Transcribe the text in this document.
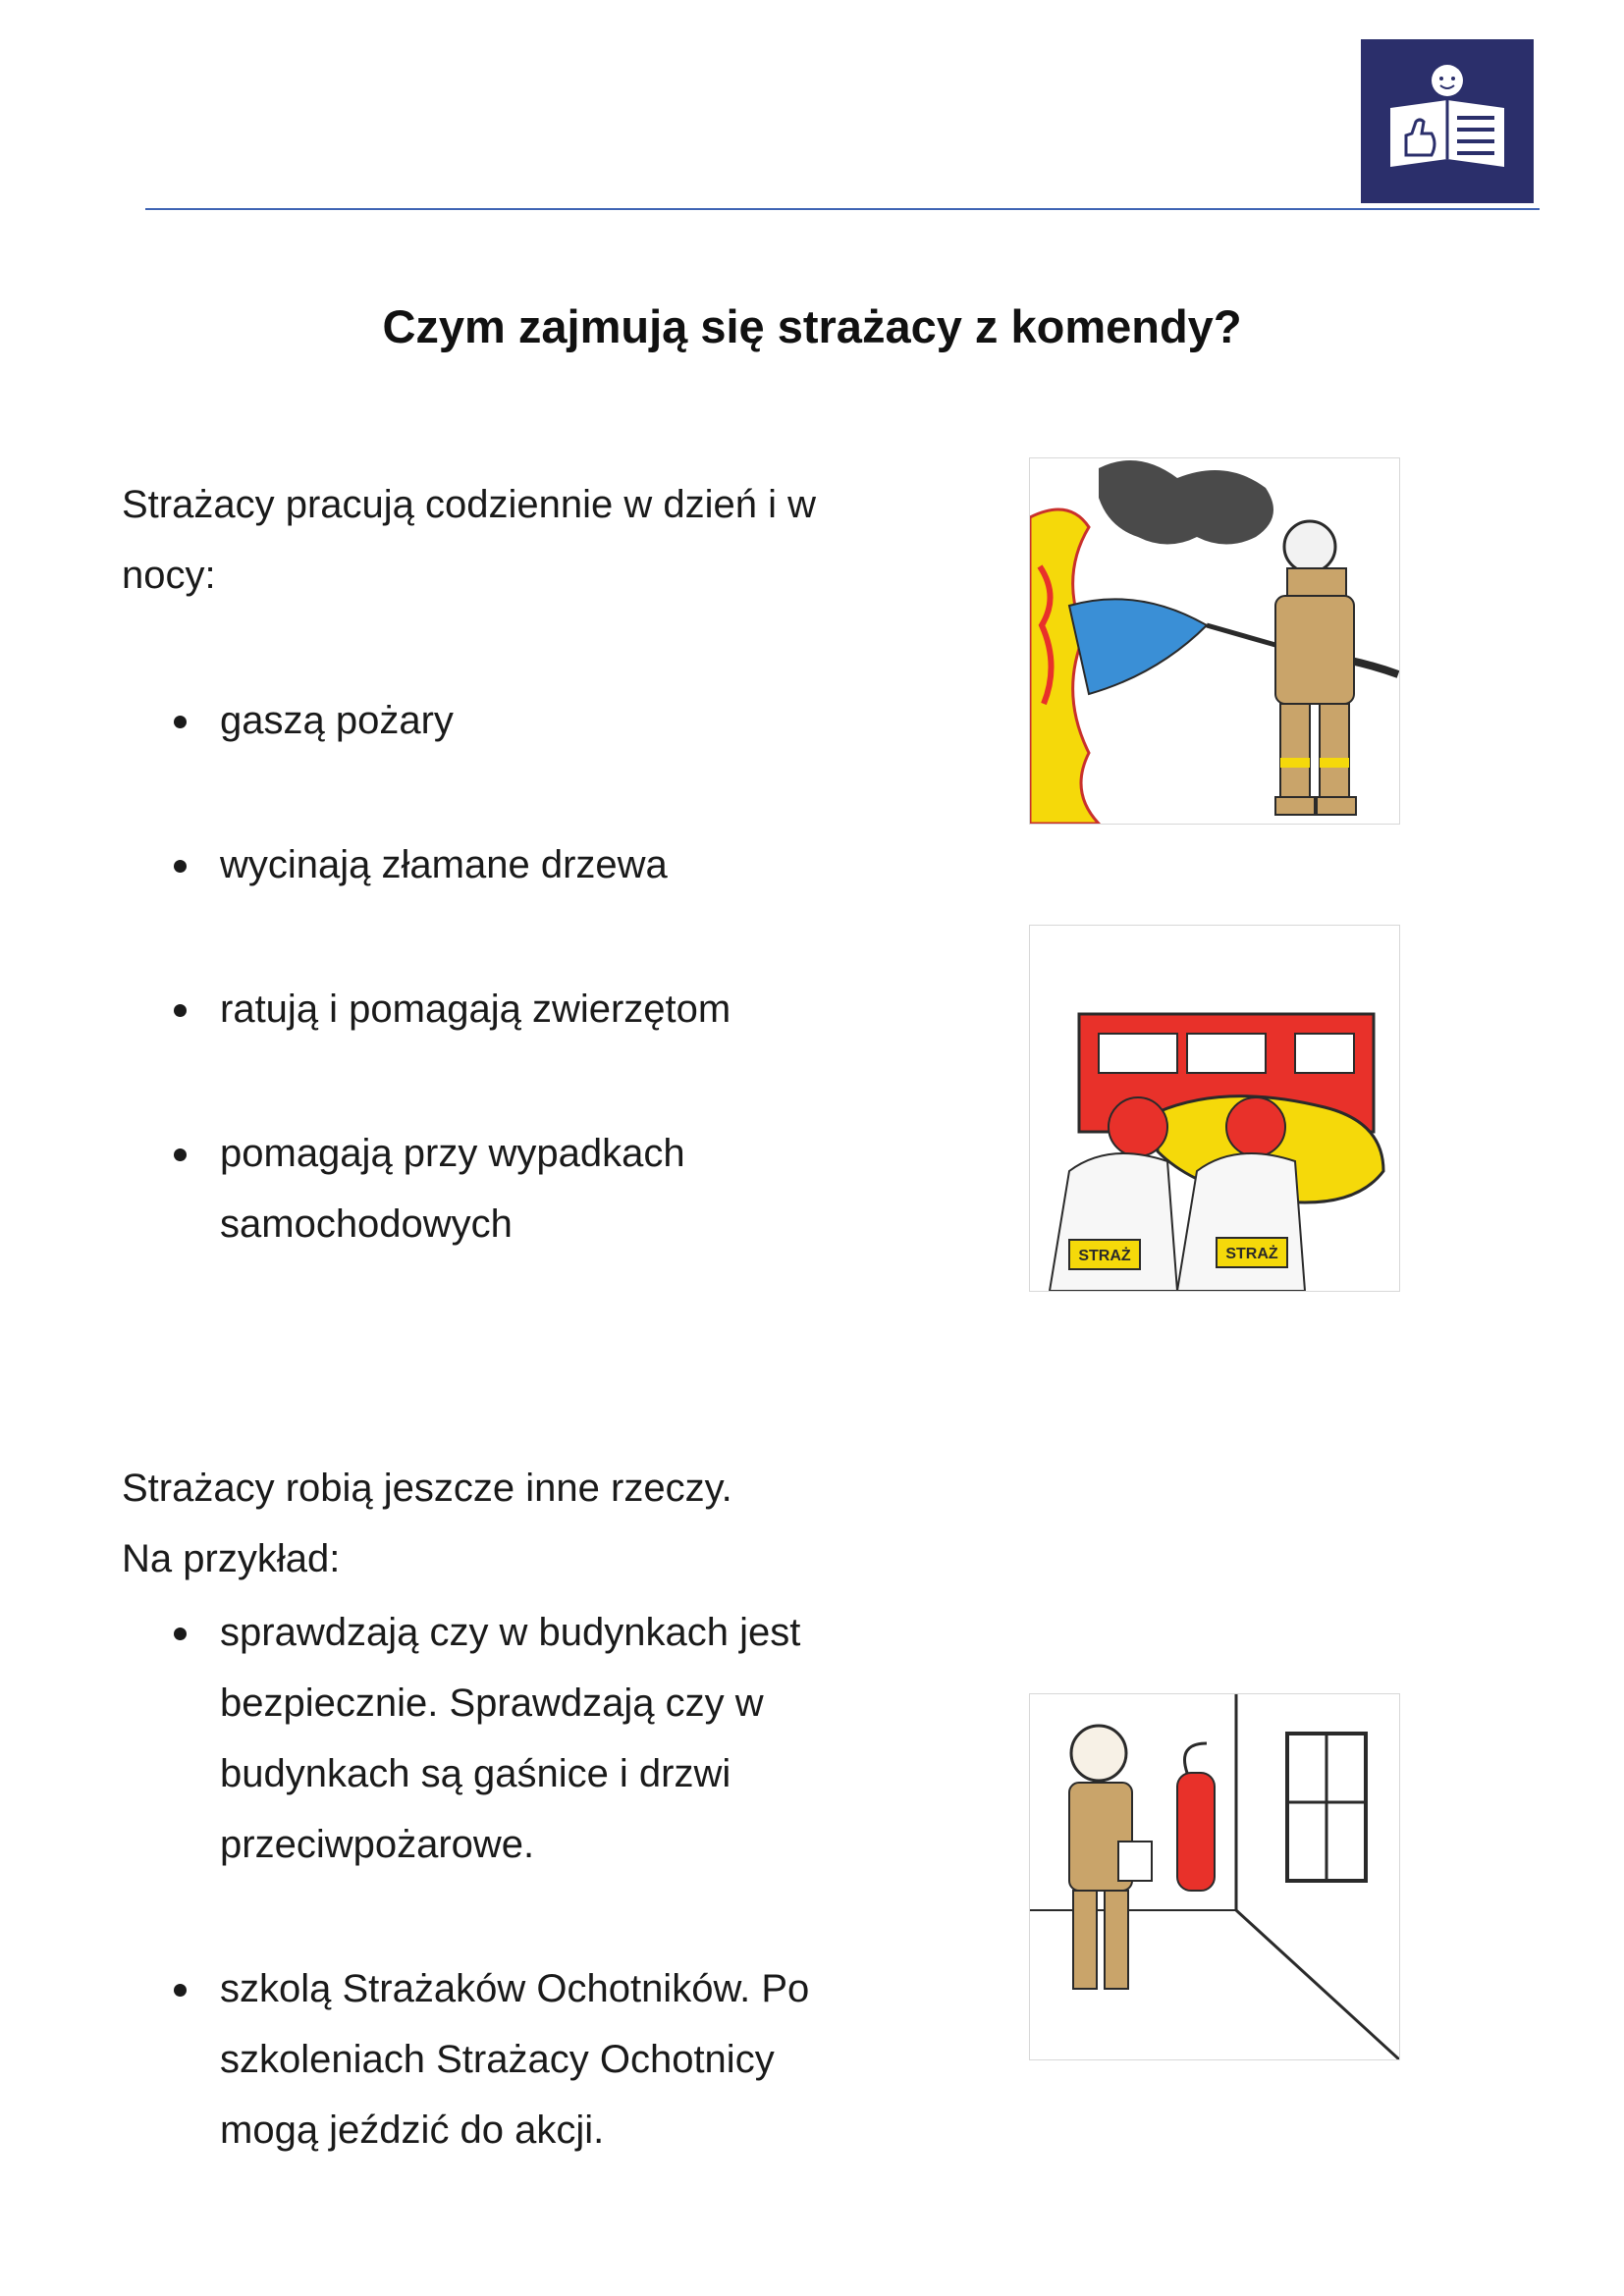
Czym zajmują się strażacy z komendy?
Strażacy pracują codziennie w dzień i w nocy:
gaszą pożary
wycinają złamane drzewa
ratują i pomagają zwierzętom
pomagają przy wypadkach samochodowych
Strażacy robią jeszcze inne rzeczy.
Na przykład:
sprawdzają czy w budynkach jest bezpiecznie. Sprawdzają czy w budynkach są gaśnice i drzwi przeciwpożarowe.
szkolą Strażaków Ochotników. Po szkoleniach Strażacy Ochotnicy mogą jeździć do akcji.
STRAŻ	STRAŻ
